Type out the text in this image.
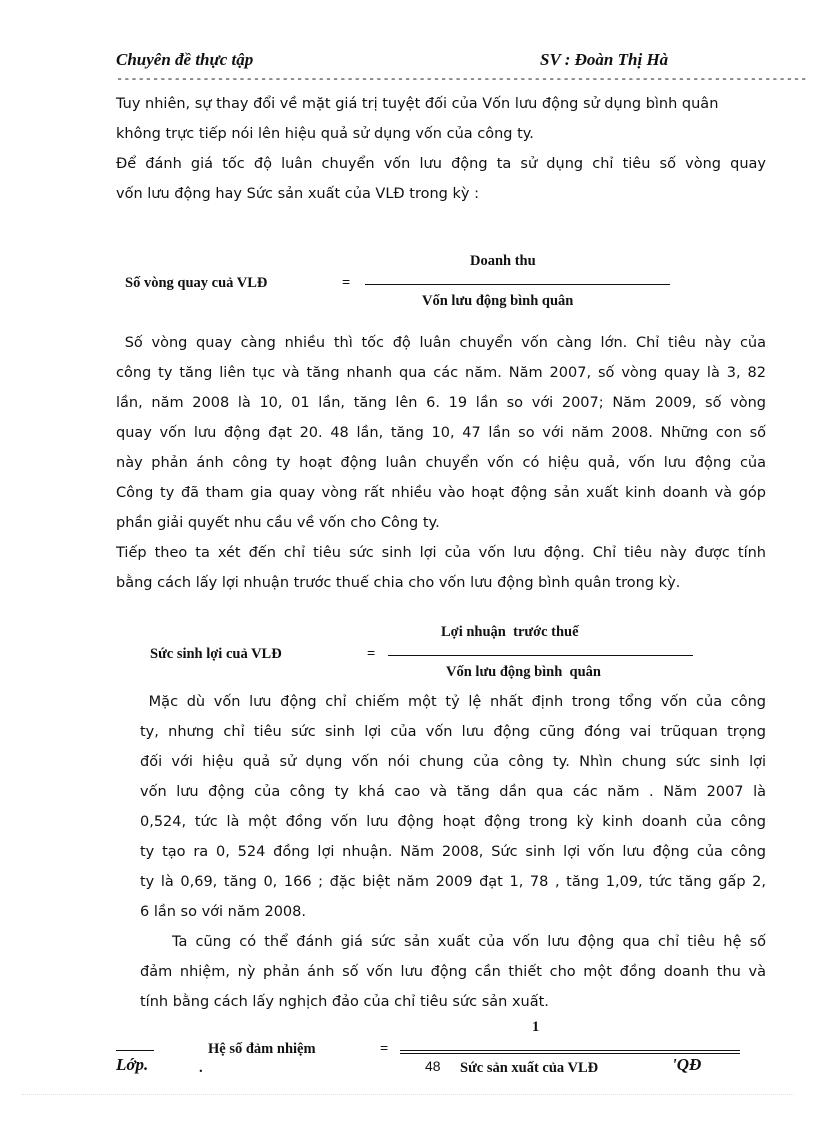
Chuyên đề thực tập	SV : Đoàn Thị Hà
------------------------------------------------------------------------------------------------
Tuy nhiên, sự thay đổi về mặt giá trị tuyệt đối của Vốn lưu động sử dụng bình quân
không trực tiếp nói lên hiệu quả sử dụng vốn của công ty.
Để đánh giá tốc độ luân chuyển vốn lưu động ta sử dụng chỉ tiêu số vòng quay
vốn lưu động hay Sức sản xuất của VLĐ trong kỳ :
Doanh thu
Số vòng quay cuả VLĐ	=
Vốn lưu động bình quân
Số vòng quay càng nhiều thì tốc độ luân chuyển vốn càng lớn. Chỉ tiêu này của
công ty tăng liên tục và tăng nhanh qua các năm. Năm 2007, số vòng quay là 3, 82
lần, năm 2008 là 10, 01 lần, tăng lên 6. 19 lần so với 2007; Năm 2009, số vòng
quay vốn lưu động đạt 20. 48 lần, tăng 10, 47 lần so với năm 2008. Những con số
này phản ánh công ty hoạt động luân chuyển vốn có hiệu quả, vốn lưu động của
Công ty đã tham gia quay vòng rất nhiều vào hoạt động sản xuất kinh doanh và góp
phần giải quyết nhu cầu về vốn cho Công ty.
Tiếp theo ta xét đến chỉ tiêu sức sinh lợi của vốn lưu động. Chỉ tiêu này được tính
bằng cách lấy lợi nhuận trước thuế chia cho vốn lưu động bình quân trong kỳ.
Lợi nhuận  trước thuế
Sức sinh lợi cuả VLĐ	=
Vốn lưu động bình  quân
Mặc dù vốn lưu động chỉ chiếm một tỷ lệ nhất định trong tổng vốn của công
ty, nhưng chỉ tiêu sức sinh lợi của vốn lưu động cũng đóng vai trũquan trọng
đối với hiệu quả sử dụng vốn nói chung của công ty. Nhìn chung sức sinh lợi
vốn lưu động của công ty khá cao và tăng dần qua các năm . Năm 2007 là
0,524, tức là một đồng vốn lưu động hoạt động trong kỳ kinh doanh của công
ty tạo ra 0, 524 đồng lợi nhuận. Năm 2008, Sức sinh lợi vốn lưu động của công
ty là 0,69, tăng 0, 166 ; đặc biệt năm 2009 đạt 1, 78 , tăng 1,09, tức tăng gấp 2,
6 lần so với năm 2008.
Ta cũng có thể đánh giá sức sản xuất của vốn lưu động qua chỉ tiêu hệ số
đảm nhiệm, nỳ phản ánh số vốn lưu động cần thiết cho một đồng doanh thu và
tính bằng cách lấy nghịch đảo của chỉ tiêu sức sản xuất.
1
Hệ số đảm nhiệm	=
Sức sản xuất của VLĐ
Lớp.	.	48	'QĐ
